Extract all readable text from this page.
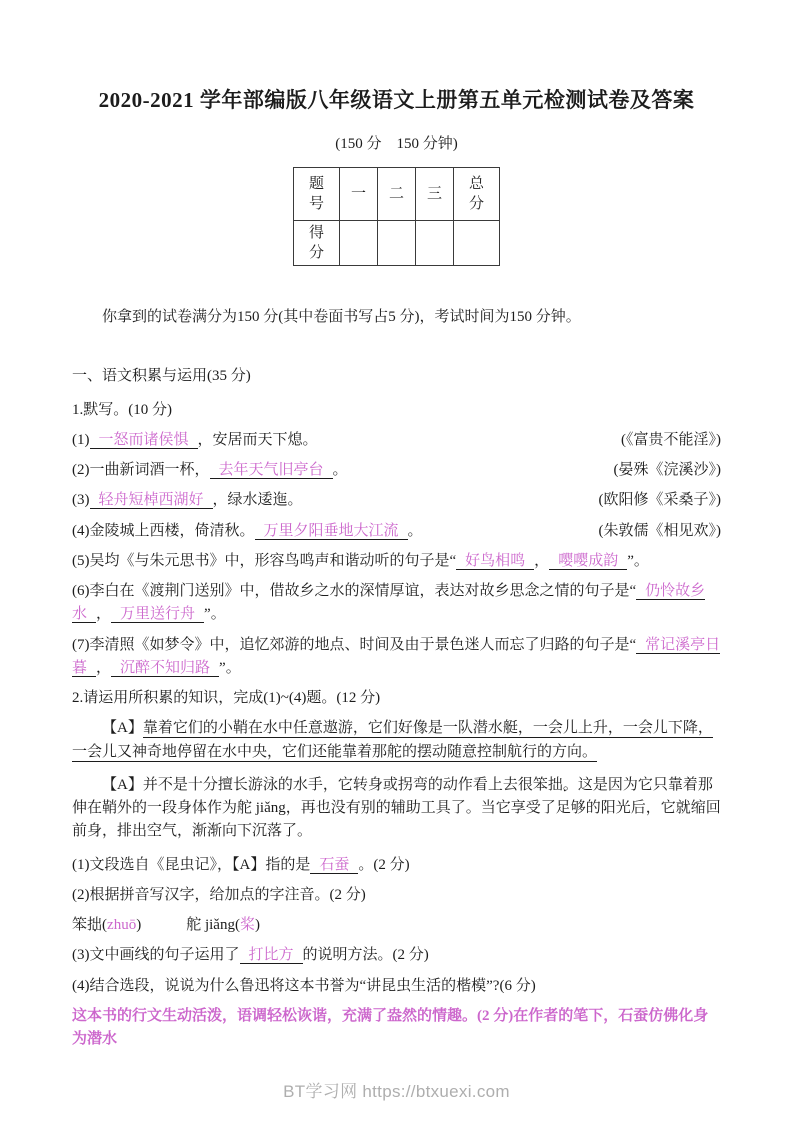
2020-2021 学年部编版八年级语文上册第五单元检测试卷及答案
(150 分　150 分钟)
题号	一	二	三	总分
得分				
你拿到的试卷满分为150 分(其中卷面书写占5 分)，考试时间为150 分钟。
一、语文积累与运用(35 分)
1.默写。(10 分)
(1) 一怒而诸侯惧 ，安居而天下熄。	(《富贵不能淫》)
(2)一曲新词酒一杯， 去年天气旧亭台 。	(晏殊《浣溪沙》)
(3) 轻舟短棹西湖好 ，绿水逶迤。	(欧阳修《采桑子》)
(4)金陵城上西楼，倚清秋。 万里夕阳垂地大江流 。	(朱敦儒《相见欢》)
(5)吴均《与朱元思书》中，形容鸟鸣声和谐动听的句子是“ 好鸟相鸣 ， 嘤嘤成韵 ”。
(6)李白在《渡荆门送别》中，借故乡之水的深情厚谊，表达对故乡思念之情的句子是“ 仍怜故乡水 ， 万里送行舟 ”。
(7)李清照《如梦令》中，追忆郊游的地点、时间及由于景色迷人而忘了归路的句子是“ 常记溪亭日暮 ， 沉醉不知归路 ”。
2.请运用所积累的知识，完成(1)~(4)题。(12 分)
【A】靠着它们的小鞘在水中任意遨游，它们好像是一队潜水艇，一会儿上升，一会儿下降，一会儿又神奇地停留在水中央，它们还能靠着那舵的摆动随意控制航行的方向。
【A】并不是十分擅长游泳的水手，它转身或拐弯的动作看上去很笨拙。这是因为它只靠着那伸在鞘外的一段身体作为舵 jiǎng，再也没有别的辅助工具了。当它享受了足够的阳光后，它就缩回前身，排出空气，渐渐向下沉落了。
(1)文段选自《昆虫记》，【A】指的是 石蚕 。(2 分)
(2)根据拼音写汉字，给加点的字注音。(2 分)
笨拙(zhuō)　　　	舵 jiǎng(桨)
(3)文中画线的句子运用了 打比方 的说明方法。(2 分)
(4)结合选段，说说为什么鲁迅将这本书誉为“讲昆虫生活的楷模”?(6 分)
这本书的行文生动活泼，语调轻松诙谐，充满了盎然的情趣。(2 分)在作者的笔下，石蚕仿佛化身为潜水
BT学习网 https://btxuexi.com
